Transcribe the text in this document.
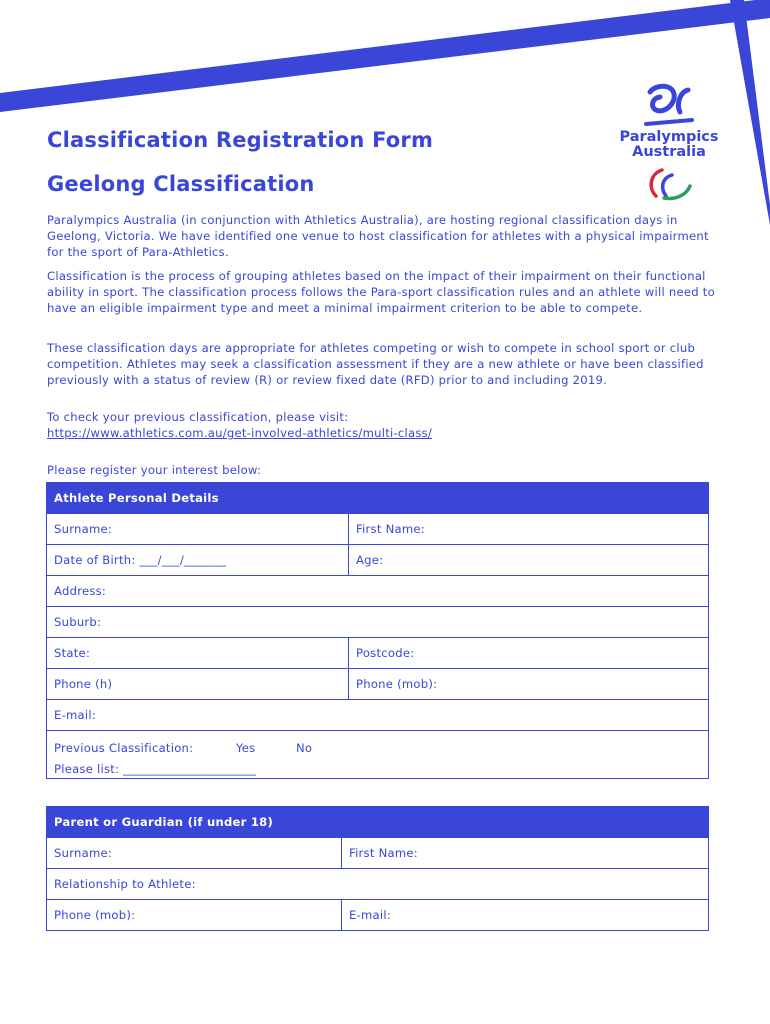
Paralympics
Australia
Classification Registration Form
Geelong Classification
Paralympics Australia (in conjunction with Athletics Australia), are hosting regional classification days in Geelong, Victoria. We have identified one venue to host classification for athletes with a physical impairment for the sport of Para-Athletics.
Classification is the process of grouping athletes based on the impact of their impairment on their functional ability in sport. The classification process follows the Para-sport classification rules and an athlete will need to have an eligible impairment type and meet a minimal impairment criterion to be able to compete.
These classification days are appropriate for athletes competing or wish to compete in school sport or club competition. Athletes may seek a classification assessment if they are a new athlete or have been classified previously with a status of review (R) or review fixed date (RFD) prior to and including 2019.
To check your previous classification, please visit:
https://www.athletics.com.au/get-involved-athletics/multi-class/
Please register your interest below:
Athlete Personal Details	
Surname:	First Name:
Date of Birth: ___/___/_______	Age:
Address:	
Suburb:	
State:	Postcode:
Phone (h)	Phone (mob):
E-mail:	

Previous Classification: Yes No
Please list: ______________________	
Parent or Guardian (if under 18)	
Surname:	First Name:
Relationship to Athlete:	
Phone (mob):	E-mail:
